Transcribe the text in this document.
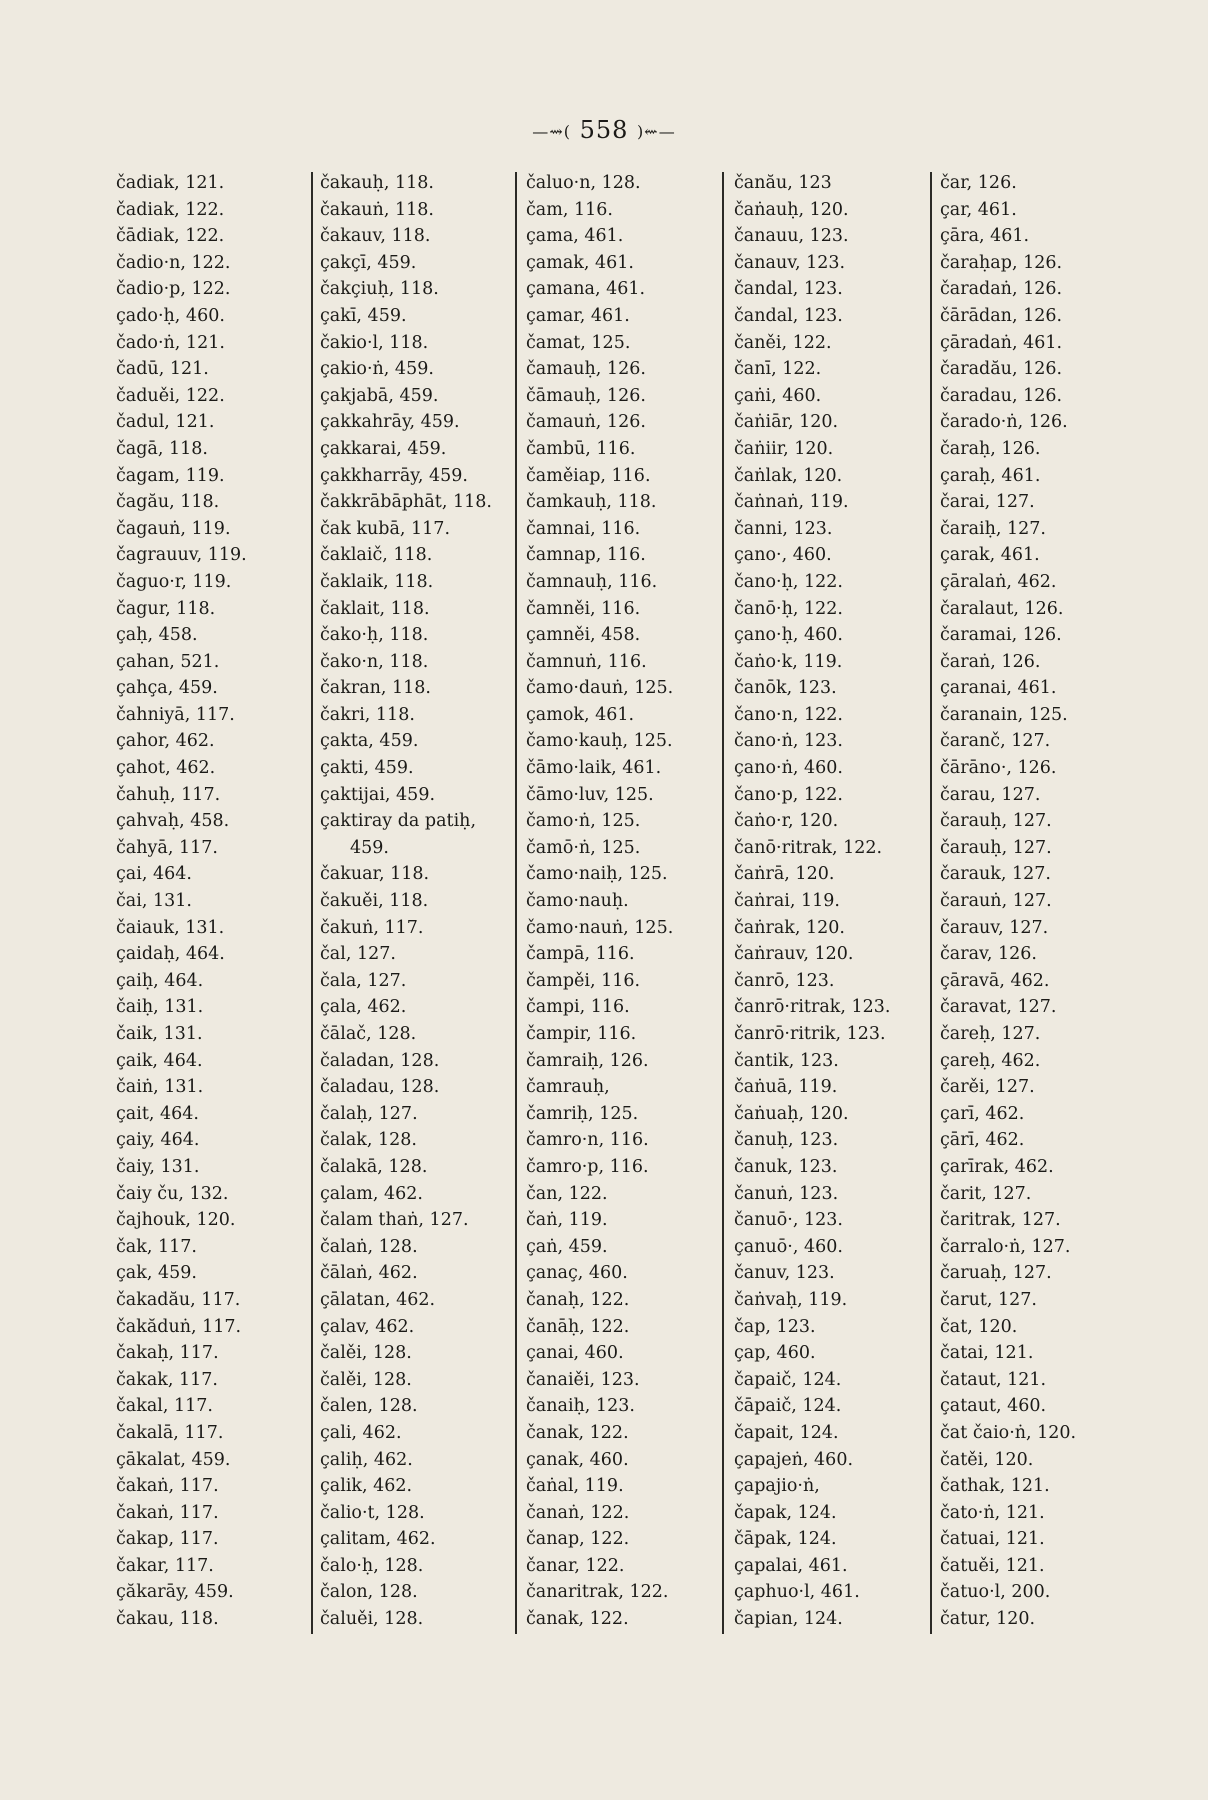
—⇝( 558 )⇜—
čadiak, 121.
čadiak, 122.
čādiak, 122.
čadio·n, 122.
čadio·p, 122.
çado·ḥ, 460.
čado·ṅ, 121.
čadū, 121.
čaduěi, 122.
čadul, 121.
čagā, 118.
čagam, 119.
čagău, 118.
čagauṅ, 119.
čagrauuv, 119.
čaguo·r, 119.
čagur, 118.
çaḥ, 458.
çahan, 521.
çahça, 459.
čahniyā, 117.
çahor, 462.
çahot, 462.
čahuḥ, 117.
çahvaḥ, 458.
čahyā, 117.
çai, 464.
čai, 131.
čaiauk, 131.
çaidaḥ, 464.
çaiḥ, 464.
čaiḥ, 131.
čaik, 131.
çaik, 464.
čaiṅ, 131.
çait, 464.
çaiy, 464.
čaiy, 131.
čaiy ču, 132.
čajhouk, 120.
čak, 117.
çak, 459.
čakadău, 117.
čakăduṅ, 117.
čakaḥ, 117.
čakak, 117.
čakal, 117.
čakalā, 117.
çākalat, 459.
čakaṅ, 117.
čakaṅ, 117.
čakap, 117.
čakar, 117.
çăkarāy, 459.
čakau, 118.
čakauḥ, 118.
čakauṅ, 118.
čakauv, 118.
çakçī, 459.
čakçiuḥ, 118.
çakī, 459.
čakio·l, 118.
çakio·ṅ, 459.
çakjabā, 459.
çakkahrāy, 459.
çakkarai, 459.
çakkharrāy, 459.
čakkrābāphāt, 118.
čak kubā, 117.
čaklaič, 118.
čaklaik, 118.
čaklait, 118.
čako·ḥ, 118.
čako·n, 118.
čakran, 118.
čakri, 118.
çakta, 459.
çakti, 459.
çaktijai, 459.
çaktiray da patiḥ,
459.
čakuar, 118.
čakuěi, 118.
čakuṅ, 117.
čal, 127.
čala, 127.
çala, 462.
čālač, 128.
čaladan, 128.
čaladau, 128.
čalaḥ, 127.
čalak, 128.
čalakā, 128.
çalam, 462.
čalam thaṅ, 127.
čalaṅ, 128.
čālaṅ, 462.
çālatan, 462.
çalav, 462.
čalěi, 128.
čalěi, 128.
čalen, 128.
çali, 462.
çaliḥ, 462.
çalik, 462.
čalio·t, 128.
çalitam, 462.
čalo·ḥ, 128.
čalon, 128.
čaluěi, 128.
čaluo·n, 128.
čam, 116.
çama, 461.
çamak, 461.
çamana, 461.
çamar, 461.
čamat, 125.
čamauḥ, 126.
čāmauḥ, 126.
čamauṅ, 126.
čambū, 116.
čaměiap, 116.
čamkauḥ, 118.
čamnai, 116.
čamnap, 116.
čamnauḥ, 116.
čamněi, 116.
çamněi, 458.
čamnuṅ, 116.
čamo·dauṅ, 125.
çamok, 461.
čamo·kauḥ, 125.
čāmo·laik, 461.
čāmo·luv, 125.
čamo·ṅ, 125.
čamō·ṅ, 125.
čamo·naiḥ, 125.
čamo·nauḥ.
čamo·nauṅ, 125.
čampā, 116.
čampěi, 116.
čampi, 116.
čampir, 116.
čamraiḥ, 126.
čamrauḥ,
čamriḥ, 125.
čamro·n, 116.
čamro·p, 116.
čan, 122.
čaṅ, 119.
çaṅ, 459.
çanaç, 460.
čanaḥ, 122.
čanāḥ, 122.
çanai, 460.
čanaiěi, 123.
čanaiḥ, 123.
čanak, 122.
çanak, 460.
čaṅal, 119.
čanaṅ, 122.
čanap, 122.
čanar, 122.
čanaritrak, 122.
čanak, 122.
čanău, 123
čaṅauḥ, 120.
čanauu, 123.
čanauv, 123.
čandal, 123.
čandal, 123.
čaněi, 122.
čanī, 122.
çaṅi, 460.
čaṅiār, 120.
čaṅiir, 120.
čaṅlak, 120.
čaṅnaṅ, 119.
čanni, 123.
çano·, 460.
čano·ḥ, 122.
čanō·ḥ, 122.
çano·ḥ, 460.
čaṅo·k, 119.
čanōk, 123.
čano·n, 122.
čano·ṅ, 123.
çano·ṅ, 460.
čano·p, 122.
čaṅo·r, 120.
čanō·ritrak, 122.
čaṅrā, 120.
čaṅrai, 119.
čaṅrak, 120.
čaṅrauv, 120.
čanrō, 123.
čanrō·ritrak, 123.
čanrō·ritrik, 123.
čantik, 123.
čaṅuā, 119.
čaṅuaḥ, 120.
čanuḥ, 123.
čanuk, 123.
čanuṅ, 123.
čanuō·, 123.
çanuō·, 460.
čanuv, 123.
čaṅvaḥ, 119.
čap, 123.
çap, 460.
čapaič, 124.
čāpaič, 124.
čapait, 124.
çapajeṅ, 460.
çapajio·ṅ,
čapak, 124.
čāpak, 124.
çapalai, 461.
çaphuo·l, 461.
čapian, 124.
čar, 126.
çar, 461.
çāra, 461.
čaraḥap, 126.
čaradaṅ, 126.
čārādan, 126.
çāradaṅ, 461.
čaradău, 126.
čaradau, 126.
čarado·ṅ, 126.
čaraḥ, 126.
çaraḥ, 461.
čarai, 127.
čaraiḥ, 127.
çarak, 461.
çāralaṅ, 462.
čaralaut, 126.
čaramai, 126.
čaraṅ, 126.
çaranai, 461.
čaranain, 125.
čaranč, 127.
čārāno·, 126.
čarau, 127.
čarauḥ, 127.
čarauḥ, 127.
čarauk, 127.
čarauṅ, 127.
čarauv, 127.
čarav, 126.
çāravā, 462.
čaravat, 127.
čareḥ, 127.
çareḥ, 462.
čarěi, 127.
çarī, 462.
çārī, 462.
çarīrak, 462.
čarit, 127.
čaritrak, 127.
čarralo·ṅ, 127.
čaruaḥ, 127.
čarut, 127.
čat, 120.
čatai, 121.
čataut, 121.
çataut, 460.
čat čaio·ṅ, 120.
čatěi, 120.
čathak, 121.
čato·ṅ, 121.
čatuai, 121.
čatuěi, 121.
čatuo·l, 200.
čatur, 120.
